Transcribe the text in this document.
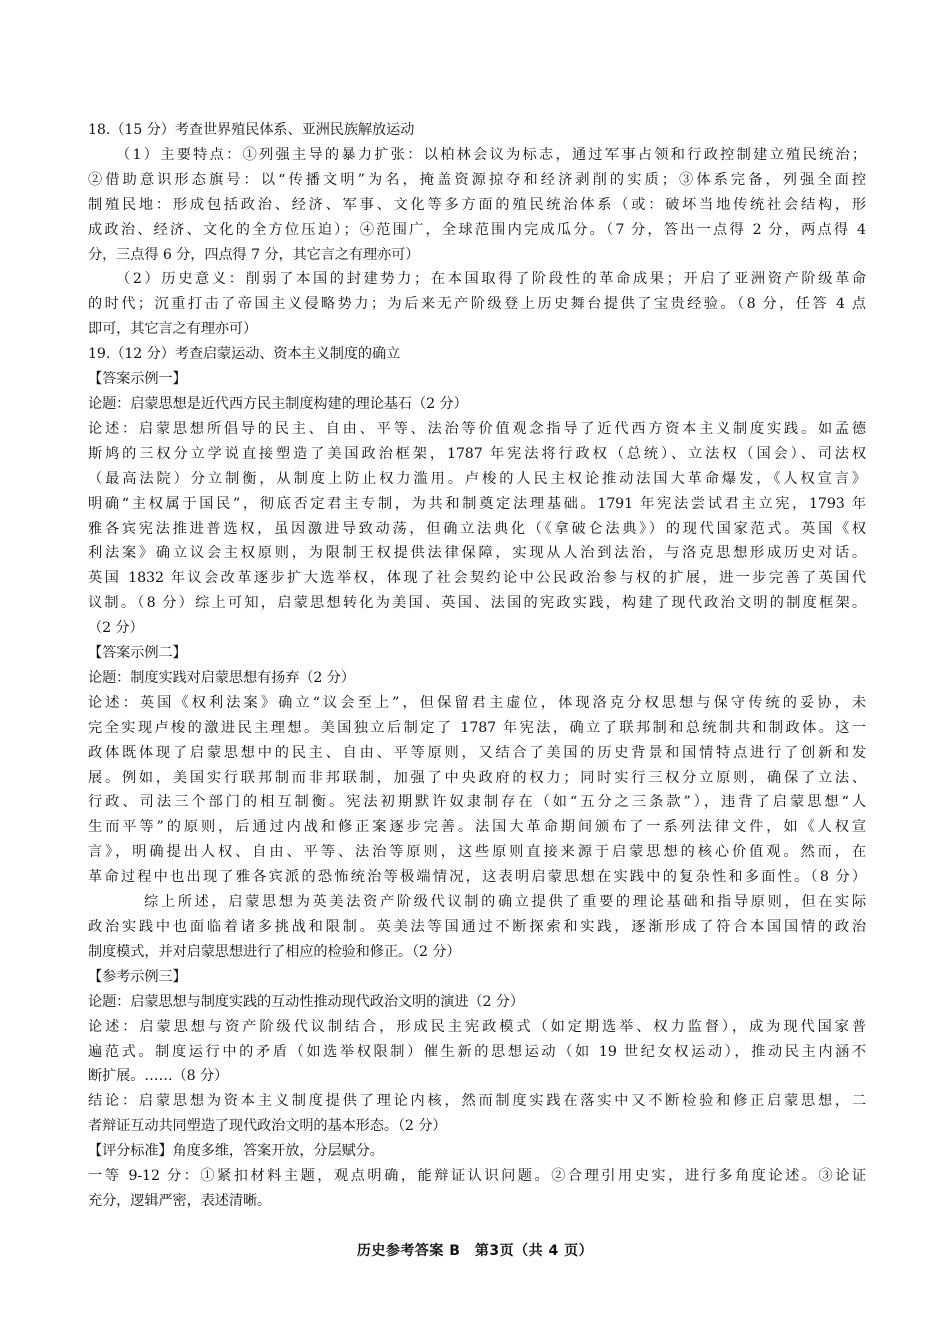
18.（15 分）考查世界殖民体系、亚洲民族解放运动
（1）主要特点：①列强主导的暴力扩张：以柏林会议为标志，通过军事占领和行政控制建立殖民统治；
②借助意识形态旗号：以“传播文明”为名，掩盖资源掠夺和经济剥削的实质；③体系完备，列强全面控
制殖民地：形成包括政治、经济、军事、文化等多方面的殖民统治体系（或：破坏当地传统社会结构，形
成政治、经济、文化的全方位压迫）；④范围广，全球范围内完成瓜分。（7 分，答出一点得 2 分，两点得 4
分，三点得 6 分，四点得 7 分，其它言之有理亦可）
（2）历史意义：削弱了本国的封建势力；在本国取得了阶段性的革命成果；开启了亚洲资产阶级革命
的时代；沉重打击了帝国主义侵略势力；为后来无产阶级登上历史舞台提供了宝贵经验。（8 分，任答 4 点
即可，其它言之有理亦可）
19.（12 分）考查启蒙运动、资本主义制度的确立
【答案示例一】
论题：启蒙思想是近代西方民主制度构建的理论基石（2 分）
论述：启蒙思想所倡导的民主、自由、平等、法治等价值观念指导了近代西方资本主义制度实践。如孟德
斯鸠的三权分立学说直接塑造了美国政治框架，1787 年宪法将行政权（总统）、立法权（国会）、司法权
（最高法院）分立制衡，从制度上防止权力滥用。卢梭的人民主权论推动法国大革命爆发，《人权宣言》
明确“主权属于国民”，彻底否定君主专制，为共和制奠定法理基础。1791 年宪法尝试君主立宪，1793 年
雅各宾宪法推进普选权，虽因激进导致动荡，但确立法典化（《拿破仑法典》）的现代国家范式。英国《权
利法案》确立议会主权原则，为限制王权提供法律保障，实现从人治到法治，与洛克思想形成历史对话。
英国 1832 年议会改革逐步扩大选举权，体现了社会契约论中公民政治参与权的扩展，进一步完善了英国代
议制。（8 分）综上可知，启蒙思想转化为美国、英国、法国的宪政实践，构建了现代政治文明的制度框架。
（2 分）
【答案示例二】
论题：制度实践对启蒙思想有扬弃（2 分）
论述：英国《权利法案》确立“议会至上”，但保留君主虚位，体现洛克分权思想与保守传统的妥协，未
完全实现卢梭的激进民主理想。美国独立后制定了 1787 年宪法，确立了联邦制和总统制共和制政体。这一
政体既体现了启蒙思想中的民主、自由、平等原则，又结合了美国的历史背景和国情特点进行了创新和发
展。例如，美国实行联邦制而非邦联制，加强了中央政府的权力；同时实行三权分立原则，确保了立法、
行政、司法三个部门的相互制衡。宪法初期默许奴隶制存在（如“五分之三条款”），违背了启蒙思想“人
生而平等”的原则，后通过内战和修正案逐步完善。法国大革命期间颁布了一系列法律文件，如《人权宣
言》，明确提出人权、自由、平等、法治等原则，这些原则直接来源于启蒙思想的核心价值观。然而，在
革命过程中也出现了雅各宾派的恐怖统治等极端情况，这表明启蒙思想在实践中的复杂性和多面性。（8 分）
综上所述，启蒙思想为英美法资产阶级代议制的确立提供了重要的理论基础和指导原则，但在实际
政治实践中也面临着诸多挑战和限制。英美法等国通过不断探索和实践，逐渐形成了符合本国国情的政治
制度模式，并对启蒙思想进行了相应的检验和修正。（2 分）
【参考示例三】
论题：启蒙思想与制度实践的互动性推动现代政治文明的演进（2 分）
论述：启蒙思想与资产阶级代议制结合，形成民主宪政模式（如定期选举、权力监督），成为现代国家普
遍范式。制度运行中的矛盾（如选举权限制）催生新的思想运动（如 19 世纪女权运动），推动民主内涵不
断扩展。……（8 分）
结论：启蒙思想为资本主义制度提供了理论内核，然而制度实践在落实中又不断检验和修正启蒙思想，二
者辩证互动共同塑造了现代政治文明的基本形态。（2 分）
【评分标准】角度多维，答案开放，分层赋分。
一等 9-12 分：①紧扣材料主题，观点明确，能辩证认识问题。②合理引用史实，进行多角度论述。③论证
充分，逻辑严密，表述清晰。
历史参考答案 B　第3页（共 4 页）
